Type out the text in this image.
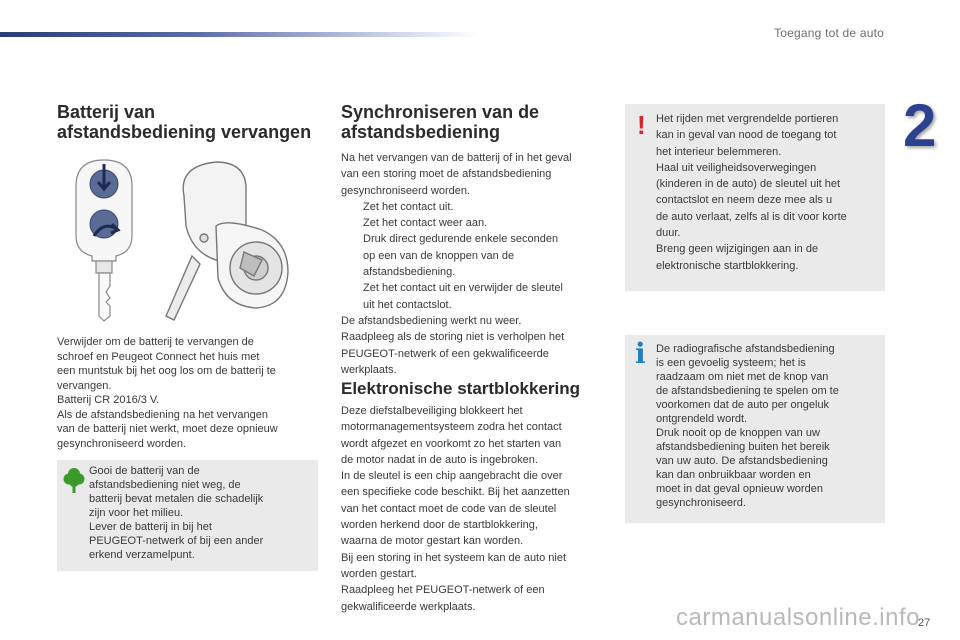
Toegang tot de auto
2
Batterij van
afstandsbediening vervangen

Verwijder om de batterij te vervangen de

schroef en Peugeot Connect het huis met

een muntstuk bij het oog los om de batterij te

vervangen.

Batterij CR 2016/3 V.

Als de afstandsbediening na het vervangen

van de batterij niet werkt, moet deze opnieuw

gesynchroniseerd worden.

Gooi de batterij van de

afstandsbediening niet weg, de

batterij bevat metalen die schadelijk

zijn voor het milieu.

Lever de batterij in bij het

PEUGEOT-netwerk of bij een ander

erkend verzamelpunt.

Synchroniseren van de
afstandsbediening

Na het vervangen van de batterij of in het geval

van een storing moet de afstandsbediening

gesynchroniseerd worden.

Zet het contact uit.
Zet het contact weer aan.
Druk direct gedurende enkele seconden
op een van de knoppen van de
afstandsbediening.
Zet het contact uit en verwijder de sleutel
uit het contactslot.

De afstandsbediening werkt nu weer.

Raadpleeg als de storing niet is verholpen het

PEUGEOT-netwerk of een gekwalificeerde

werkplaats.

Elektronische startblokkering

Deze diefstalbeveiliging blokkeert het

motormanagementsysteem zodra het contact

wordt afgezet en voorkomt zo het starten van

de motor nadat in de auto is ingebroken.

In de sleutel is een chip aangebracht die over

een specifieke code beschikt. Bij het aanzetten

van het contact moet de code van de sleutel

worden herkend door de startblokkering,

waarna de motor gestart kan worden.

Bij een storing in het systeem kan de auto niet

worden gestart.

Raadpleeg het PEUGEOT-netwerk of een

gekwalificeerde werkplaats.

! Het rijden met vergrendelde portieren

kan in geval van nood de toegang tot

het interieur belemmeren.

Haal uit veiligheidsoverwegingen

(kinderen in de auto) de sleutel uit het

contactslot en neem deze mee als u

de auto verlaat, zelfs al is dit voor korte

duur.

Breng geen wijzigingen aan in de

elektronische startblokkering.

i De radiografische afstandsbediening

is een gevoelig systeem; het is

raadzaam om niet met de knop van

de afstandsbediening te spelen om te

voorkomen dat de auto per ongeluk

ontgrendeld wordt.

Druk nooit op de knoppen van uw

afstandsbediening buiten het bereik

van uw auto. De afstandsbediening

kan dan onbruikbaar worden en

moet in dat geval opnieuw worden

gesynchroniseerd.

carmanualsonline.info
27
